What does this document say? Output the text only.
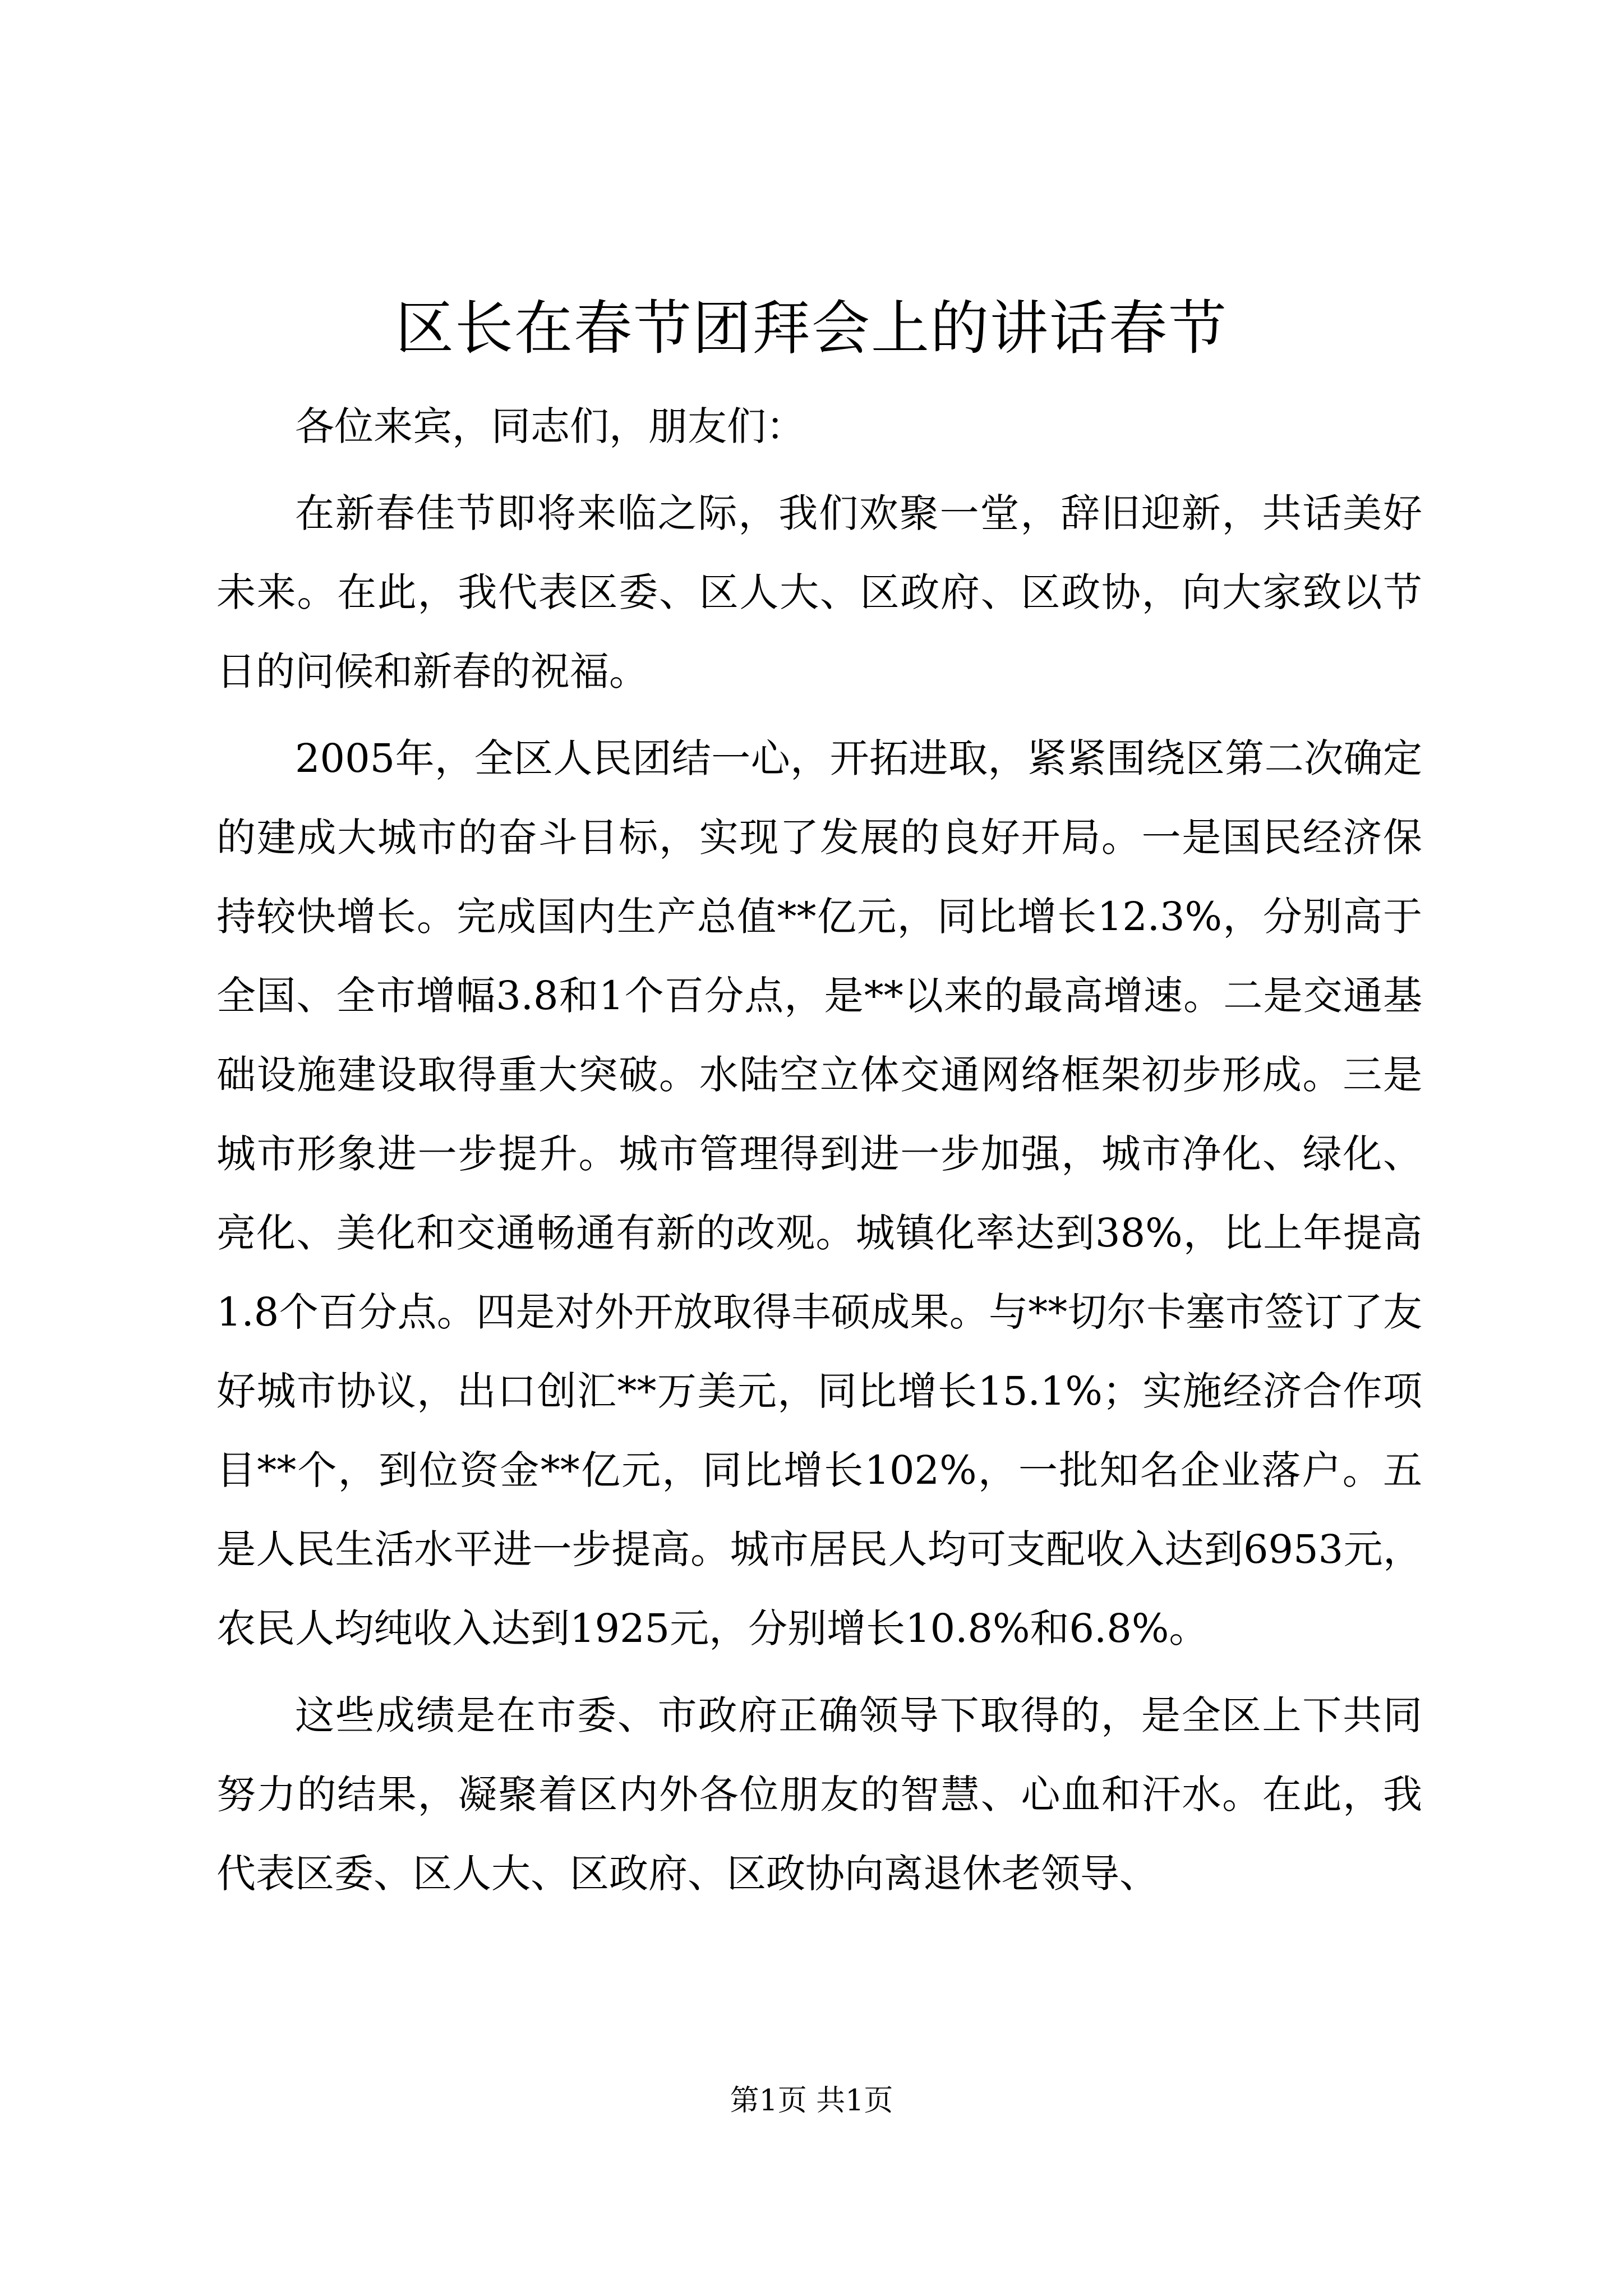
区长在春节团拜会上的讲话春节

各位来宾，同志们，朋友们：

在新春佳节即将来临之际，我们欢聚一堂，辞旧迎新，共话美好未来。在此，我代表区委、区人大、区政府、区政协，向大家致以节日的问候和新春的祝福。

2005年，全区人民团结一心，开拓进取，紧紧围绕区第二次确定的建成大城市的奋斗目标，实现了发展的良好开局。一是国民经济保持较快增长。完成国内生产总值**亿元，同比增长12.3%，分别高于全国、全市增幅3.8和1个百分点，是**以来的最高增速。二是交通基础设施建设取得重大突破。水陆空立体交通网络框架初步形成。三是城市形象进一步提升。城市管理得到进一步加强，城市净化、绿化、亮化、美化和交通畅通有新的改观。城镇化率达到38%，比上年提高1.8个百分点。四是对外开放取得丰硕成果。与**切尔卡塞市签订了友好城市协议，出口创汇**万美元，同比增长15.1%；实施经济合作项目**个，到位资金**亿元，同比增长102%，一批知名企业落户。五是人民生活水平进一步提高。城市居民人均可支配收入达到6953元，农民人均纯收入达到1925元，分别增长10.8%和6.8%。

这些成绩是在市委、市政府正确领导下取得的，是全区上下共同努力的结果，凝聚着区内外各位朋友的智慧、心血和汗水。在此，我代表区委、区人大、区政府、区政协向离退休老领导、

第1页 共1页
